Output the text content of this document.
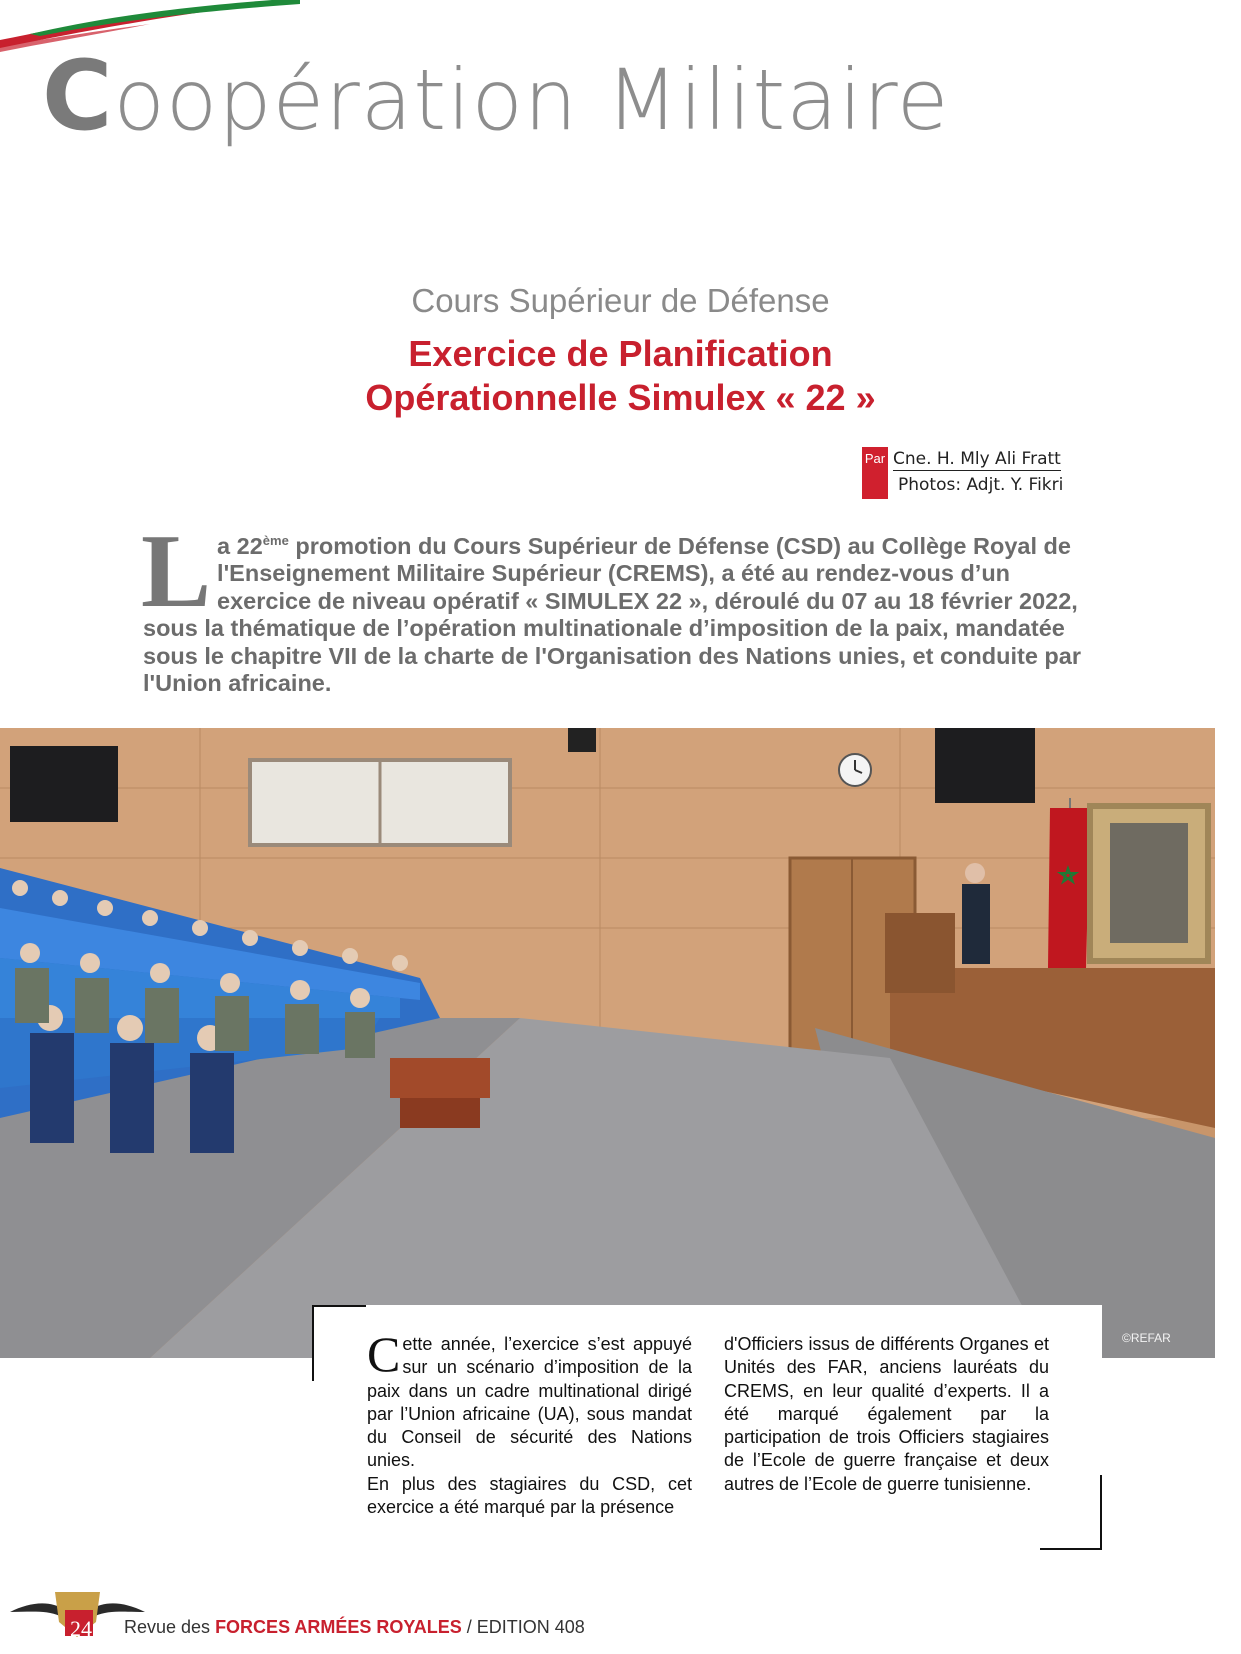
Coopération Militaire
Cours Supérieur de Défense
Exercice de Planification
Opérationnelle Simulex « 22 »
Par Cne. H. Mly Ali Fratt
Photos: Adjt. Y. Fikri
La 22ème promotion du Cours Supérieur de Défense (CSD) au Collège Royal de l'Enseignement Militaire Supérieur (CREMS), a été au rendez-vous d’un exercice de niveau opératif « SIMULEX 22 », déroulé du 07 au 18 février 2022, sous la thématique de l’opération multinationale d’imposition de la paix, mandatée sous le chapitre VII de la charte de l'Organisation des Nations unies, et conduite par l'Union africaine.
©REFAR
Cette année, l’exercice s’est appuyé sur un scénario d’imposition de la paix dans un cadre multinational dirigé par l’Union africaine (UA), sous mandat du Conseil de sécurité des Nations unies.
En plus des stagiaires du CSD, cet exercice a été marqué par la présence
d'Officiers issus de différents Organes et Unités des FAR, anciens lauréats du CREMS, en leur qualité d’experts. Il a été marqué également par la participation de trois Officiers stagiaires de l’Ecole de guerre française et deux autres de l’Ecole de guerre tunisienne.
24 Revue des FORCES ARMÉES ROYALES / EDITION 408
